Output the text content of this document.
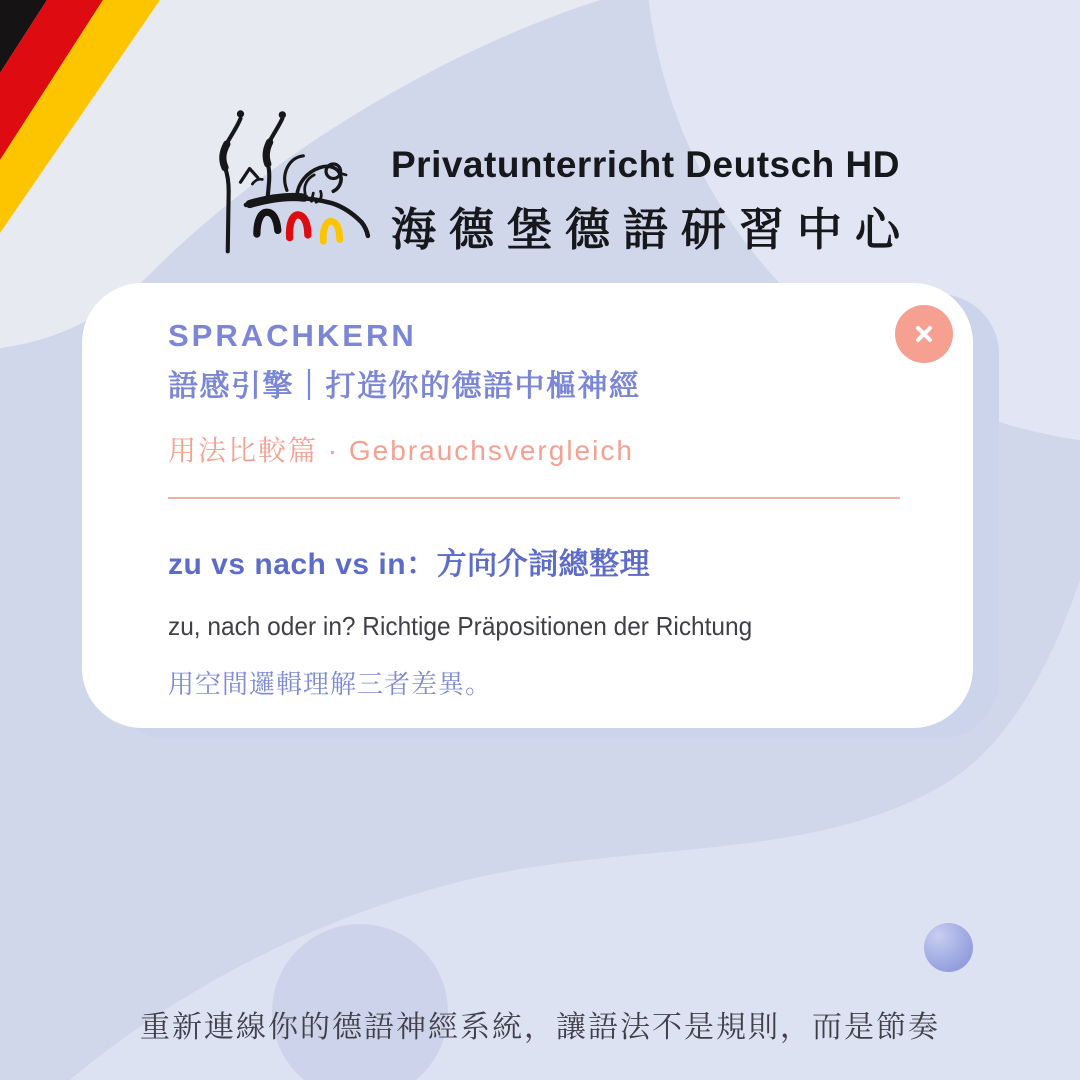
Privatunterricht Deutsch HD
海德堡德語研習中心
SPRACHKERN
語感引擎｜打造你的德語中樞神經
用法比較篇 · Gebrauchsvergleich
zu vs nach vs in：方向介詞總整理
zu, nach oder in? Richtige Präpositionen der Richtung
用空間邏輯理解三者差異。
重新連線你的德語神經系統，讓語法不是規則，而是節奏
